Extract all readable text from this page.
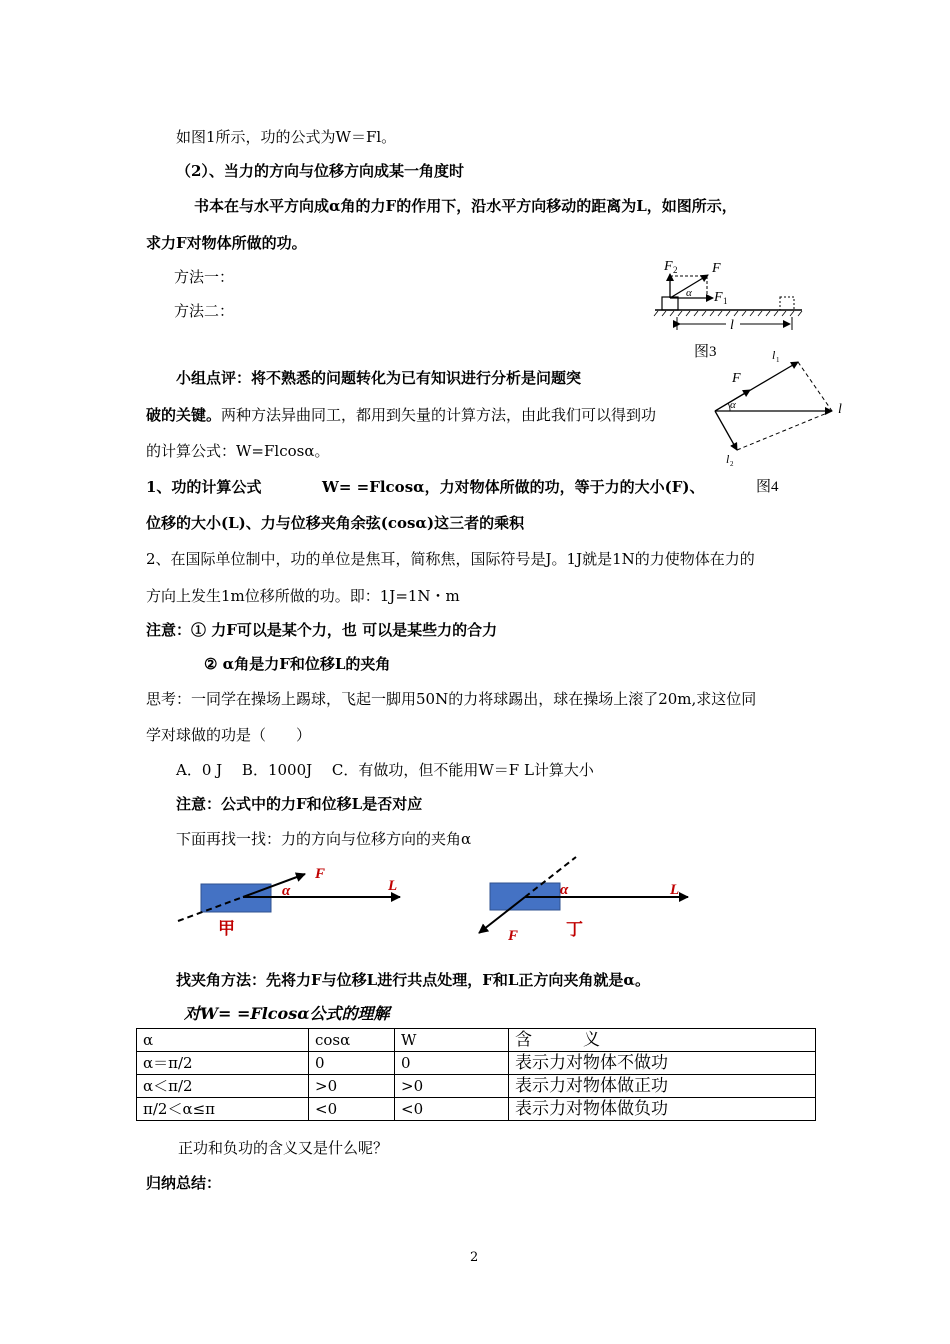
如图1所示，功的公式为W＝Fl。
（2）、当力的方向与位移方向成某一角度时
书本在与水平方向成α角的力F的作用下，沿水平方向移动的距离为L，如图所示，
求力F对物体所做的功。
方法一：
方法二：
小组点评：将不熟悉的问题转化为已有知识进行分析是问题突
破的关键。两种方法异曲同工，都用到矢量的计算方法，由此我们可以得到功
的计算公式：W=Flcosα。
1、功的计算公式	W= =Flcosα，力对物体所做的功，等于力的大小(F)、
位移的大小(L)、力与位移夹角余弦(cosα)这三者的乘积
2、在国际单位制中，功的单位是焦耳，简称焦，国际符号是J。1J就是1N的力使物体在力的
方向上发生1m位移所做的功。即：1J=1N・m
注意：① 力F可以是某个力，也 可以是某些力的合力
② α角是力F和位移L的夹角
思考：一同学在操场上踢球，飞起一脚用50N的力将球踢出，球在操场上滚了20m,求这位同
学对球做的功是（　　）
A．0 J　 B．1000J　 C．有做功，但不能用W＝F L计算大小
注意：公式中的力F和位移L是否对应
下面再找一找：力的方向与位移方向的夹角α
找夹角方法：先将力F与位移L进行共点处理，F和L正方向夹角就是α。
对W= =Flcosα公式的理解
正功和负功的含义又是什么呢？
归纳总结：
2
F 2 F
F 1
α
l
图3	l 1
F
α	l
l 2
图4
F
α	L
甲
α	L
F	丁
α	cosα	W	含　　　义
α＝π/2	0	0	表示力对物体不做功
α＜π/2	>0	>0	表示力对物体做正功
π/2＜α≤π	<0	<0	表示力对物体做负功
